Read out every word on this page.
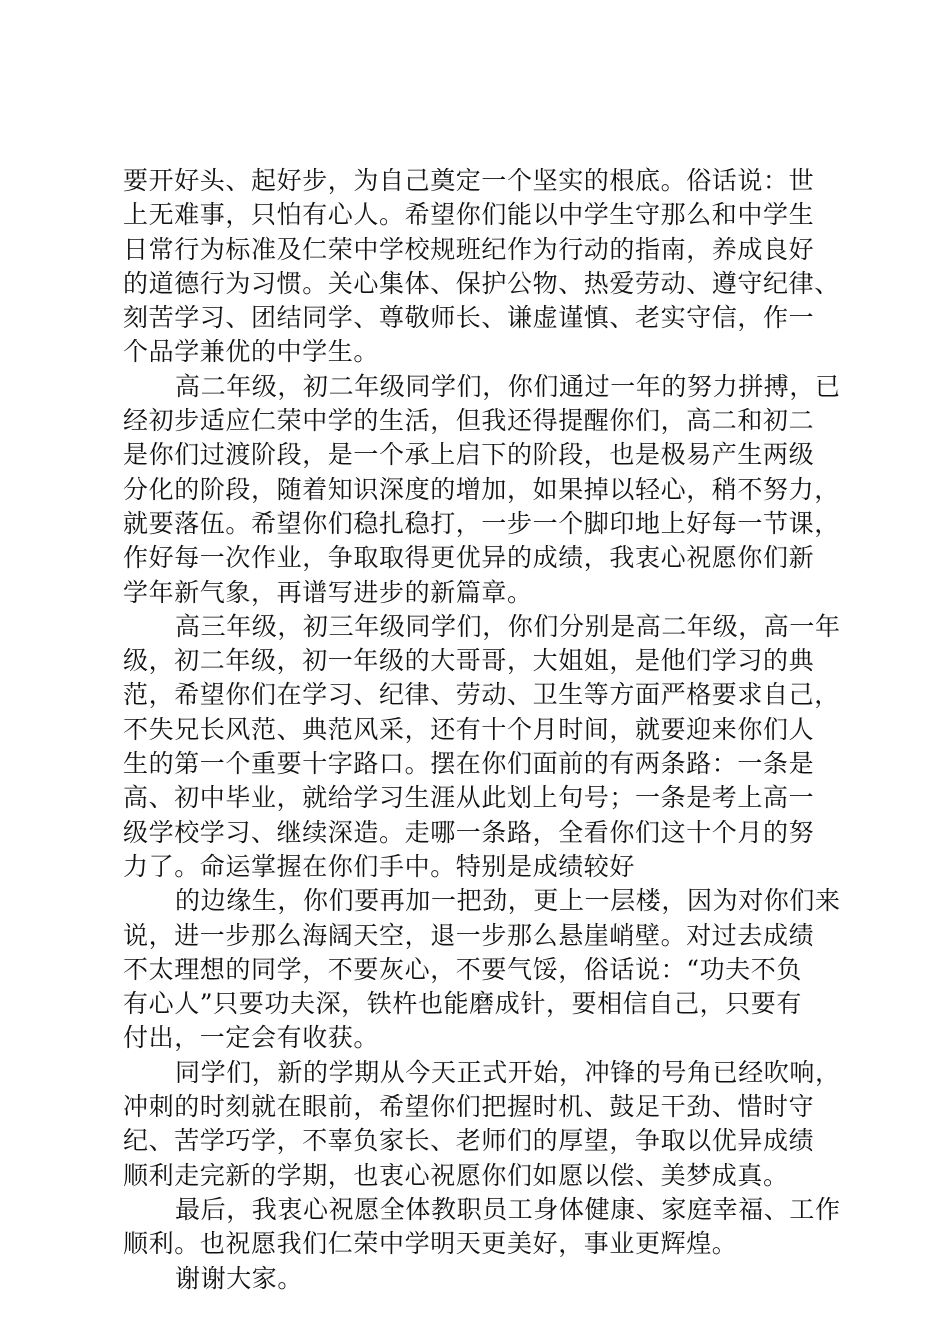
要开好头、起好步，为自己奠定一个坚实的根底。俗话说：世
上无难事，只怕有心人。希望你们能以中学生守那么和中学生
日常行为标准及仁荣中学校规班纪作为行动的指南，养成良好
的道德行为习惯。关心集体、保护公物、热爱劳动、遵守纪律、
刻苦学习、团结同学、尊敬师长、谦虚谨慎、老实守信，作一
个品学兼优的中学生。
高二年级，初二年级同学们，你们通过一年的努力拼搏，已
经初步适应仁荣中学的生活，但我还得提醒你们，高二和初二
是你们过渡阶段，是一个承上启下的阶段，也是极易产生两级
分化的阶段，随着知识深度的增加，如果掉以轻心，稍不努力，
就要落伍。希望你们稳扎稳打，一步一个脚印地上好每一节课，
作好每一次作业，争取取得更优异的成绩，我衷心祝愿你们新
学年新气象，再谱写进步的新篇章。
高三年级，初三年级同学们，你们分别是高二年级，高一年
级，初二年级，初一年级的大哥哥，大姐姐，是他们学习的典
范，希望你们在学习、纪律、劳动、卫生等方面严格要求自己，
不失兄长风范、典范风采，还有十个月时间，就要迎来你们人
生的第一个重要十字路口。摆在你们面前的有两条路：一条是
高、初中毕业，就给学习生涯从此划上句号；一条是考上高一
级学校学习、继续深造。走哪一条路，全看你们这十个月的努
力了。命运掌握在你们手中。特别是成绩较好
的边缘生，你们要再加一把劲，更上一层楼，因为对你们来
说，进一步那么海阔天空，退一步那么悬崖峭壁。对过去成绩
不太理想的同学，不要灰心，不要气馁，俗话说：“功夫不负
有心人”只要功夫深，铁杵也能磨成针，要相信自己，只要有
付出，一定会有收获。
同学们，新的学期从今天正式开始，冲锋的号角已经吹响，
冲刺的时刻就在眼前，希望你们把握时机、鼓足干劲、惜时守
纪、苦学巧学，不辜负家长、老师们的厚望，争取以优异成绩
顺利走完新的学期，也衷心祝愿你们如愿以偿、美梦成真。
最后，我衷心祝愿全体教职员工身体健康、家庭幸福、工作
顺利。也祝愿我们仁荣中学明天更美好，事业更辉煌。
谢谢大家。
